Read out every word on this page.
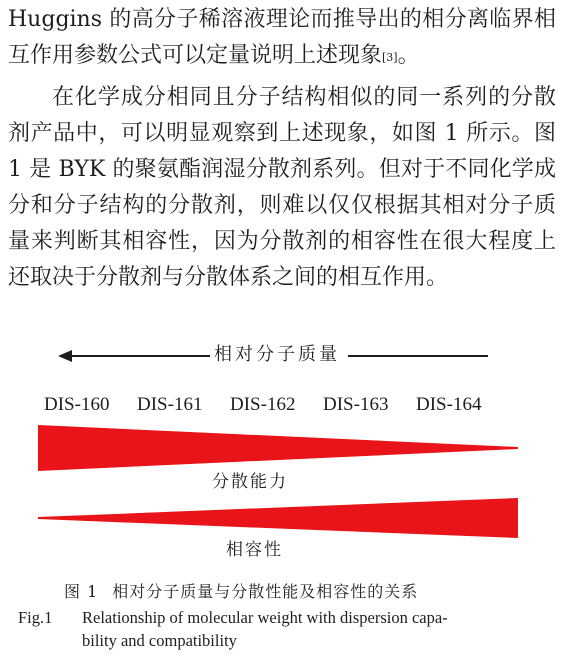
Huggins 的高分子稀溶液理论而推导出的相分离临界相互作用参数公式可以定量说明上述现象[3]。

在化学成分相同且分子结构相似的同一系列的分散剂产品中，可以明显观察到上述现象，如图 1 所示。图 1 是 BYK 的聚氨酯润湿分散剂系列。但对于不同化学成分和分子结构的分散剂，则难以仅仅根据其相对分子质量来判断其相容性，因为分散剂的相容性在很大程度上还取决于分散剂与分散体系之间的相互作用。

相对分子质量
DIS-160 DIS-161 DIS-162 DIS-163 DIS-164
分散能力
相容性
图 1 相对分子质量与分散性能及相容性的关系

Fig.1 Relationship of molecular weight with dispersion capa-
bility and compatibility
